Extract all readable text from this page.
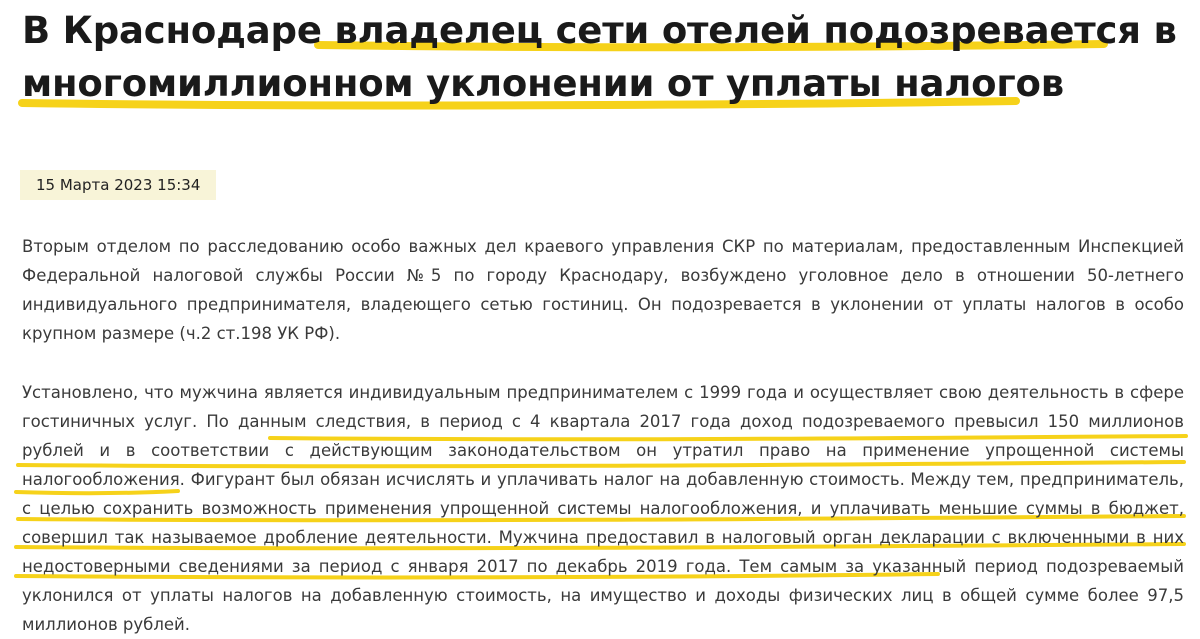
В Краснодаре владелец сети отелей подозревается в многомиллионном уклонении от уплаты налогов
15 Марта 2023 15:34

Вторым отделом по расследованию особо важных дел краевого управления СКР по материалам, предоставленным Инспекцией Федеральной налоговой службы России №5 по городу Краснодару, возбуждено уголовное дело в отношении 50-летнего индивидуального предпринимателя, владеющего сетью гостиниц. Он подозревается в уклонении от уплаты налогов в особо крупном размере (ч.2 ст.198 УК РФ).

Установлено, что мужчина является индивидуальным предпринимателем с 1999 года и осуществляет свою деятельность в сфере гостиничных услуг. По данным следствия, в период с 4 квартала 2017 года доход подозреваемого превысил 150 миллионов рублей и в соответствии с действующим законодательством он утратил право на применение упрощенной системы налогообложения. Фигурант был обязан исчислять и уплачивать налог на добавленную стоимость. Между тем, предприниматель, с целью сохранить возможность применения упрощенной системы налогообложения, и уплачивать меньшие суммы в бюджет, совершил так называемое дробление деятельности. Мужчина предоставил в налоговый орган декларации с включенными в них недостоверными сведениями за период с января 2017 по декабрь 2019 года. Тем самым за указанный период подозреваемый уклонился от уплаты налогов на добавленную стоимость, на имущество и доходы физических лиц в общей сумме более 97,5 миллионов рублей.
